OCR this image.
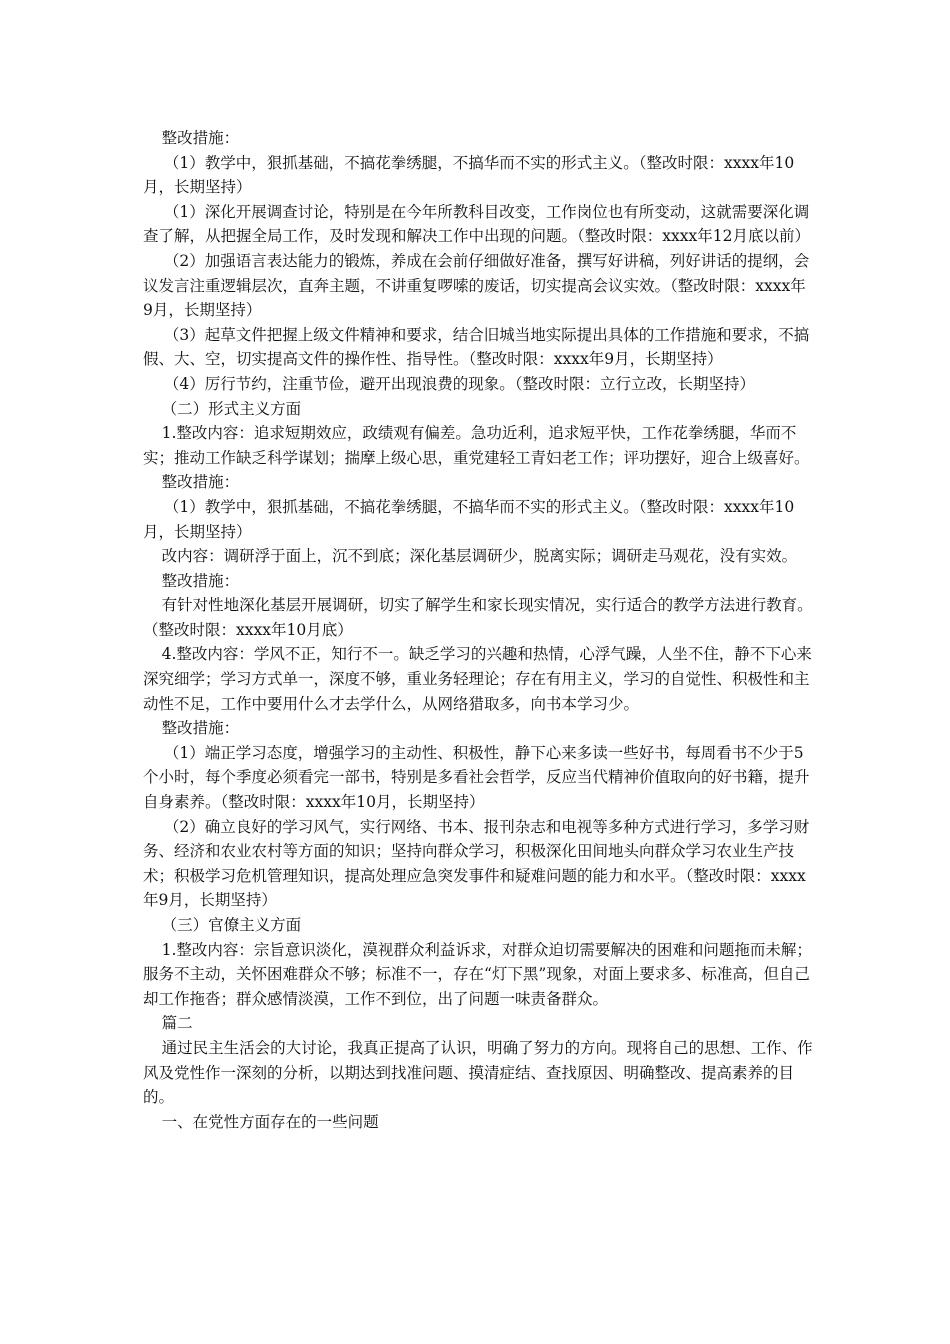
整改措施：

（1）教学中，狠抓基础，不搞花拳绣腿，不搞华而不实的形式主义。（整改时限：xxxx年10月，长期坚持）

（1）深化开展调查讨论，特别是在今年所教科目改变，工作岗位也有所变动，这就需要深化调查了解，从把握全局工作，及时发现和解决工作中出现的问题。（整改时限：xxxx年12月底以前）

（2）加强语言表达能力的锻炼，养成在会前仔细做好准备，撰写好讲稿，列好讲话的提纲，会议发言注重逻辑层次，直奔主题，不讲重复啰嗦的废话，切实提高会议实效。（整改时限：xxxx年9月，长期坚持）

（3）起草文件把握上级文件精神和要求，结合旧城当地实际提出具体的工作措施和要求，不搞假、大、空，切实提高文件的操作性、指导性。（整改时限：xxxx年9月，长期坚持）

（4）厉行节约，注重节俭，避开出现浪费的现象。（整改时限：立行立改，长期坚持）

（二）形式主义方面

1.整改内容：追求短期效应，政绩观有偏差。急功近利，追求短平快，工作花拳绣腿，华而不实；推动工作缺乏科学谋划；揣摩上级心思，重党建轻工青妇老工作；评功摆好，迎合上级喜好。

整改措施：

（1）教学中，狠抓基础，不搞花拳绣腿，不搞华而不实的形式主义。（整改时限：xxxx年10月，长期坚持）

改内容：调研浮于面上，沉不到底；深化基层调研少，脱离实际；调研走马观花，没有实效。

整改措施：

有针对性地深化基层开展调研，切实了解学生和家长现实情况，实行适合的教学方法进行教育。（整改时限：xxxx年10月底）

4.整改内容：学风不正，知行不一。缺乏学习的兴趣和热情，心浮气躁，人坐不住，静不下心来深究细学；学习方式单一，深度不够，重业务轻理论；存在有用主义，学习的自觉性、积极性和主动性不足，工作中要用什么才去学什么，从网络猎取多，向书本学习少。

整改措施：

（1）端正学习态度，增强学习的主动性、积极性，静下心来多读一些好书，每周看书不少于5个小时，每个季度必须看完一部书，特别是多看社会哲学，反应当代精神价值取向的好书籍，提升自身素养。（整改时限：xxxx年10月，长期坚持）

（2）确立良好的学习风气，实行网络、书本、报刊杂志和电视等多种方式进行学习，多学习财务、经济和农业农村等方面的知识；坚持向群众学习，积极深化田间地头向群众学习农业生产技术；积极学习危机管理知识，提高处理应急突发事件和疑难问题的能力和水平。（整改时限：xxxx年9月，长期坚持）

（三）官僚主义方面

1.整改内容：宗旨意识淡化，漠视群众利益诉求，对群众迫切需要解决的困难和问题拖而未解；服务不主动，关怀困难群众不够；标准不一，存在“灯下黑”现象，对面上要求多、标准高，但自己却工作拖沓；群众感情淡漠，工作不到位，出了问题一味责备群众。

篇二

通过民主生活会的大讨论，我真正提高了认识，明确了努力的方向。现将自己的思想、工作、作风及党性作一深刻的分析，以期达到找准问题、摸清症结、查找原因、明确整改、提高素养的目的。

一、在党性方面存在的一些问题
